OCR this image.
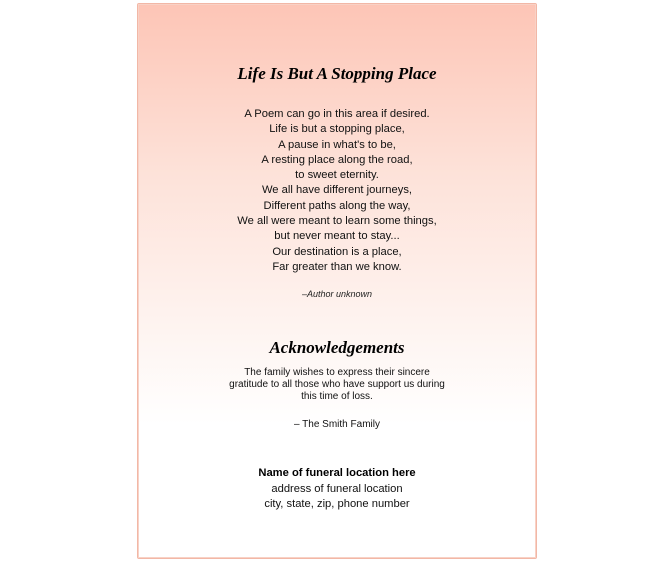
Life Is But A Stopping Place
A Poem can go in this area if desired.
Life is but a stopping place,
A pause in what's to be,
A resting place along the road,
to sweet eternity.
We all have different journeys,
Different paths along the way,
We all were meant to learn some things,
but never meant to stay...
Our destination is a place,
Far greater than we know.
–Author unknown
Acknowledgements
The family wishes to express their sincere
gratitude to all those who have support us during
this time of loss.
– The Smith Family
Name of funeral location here
address of funeral location
city, state, zip, phone number
